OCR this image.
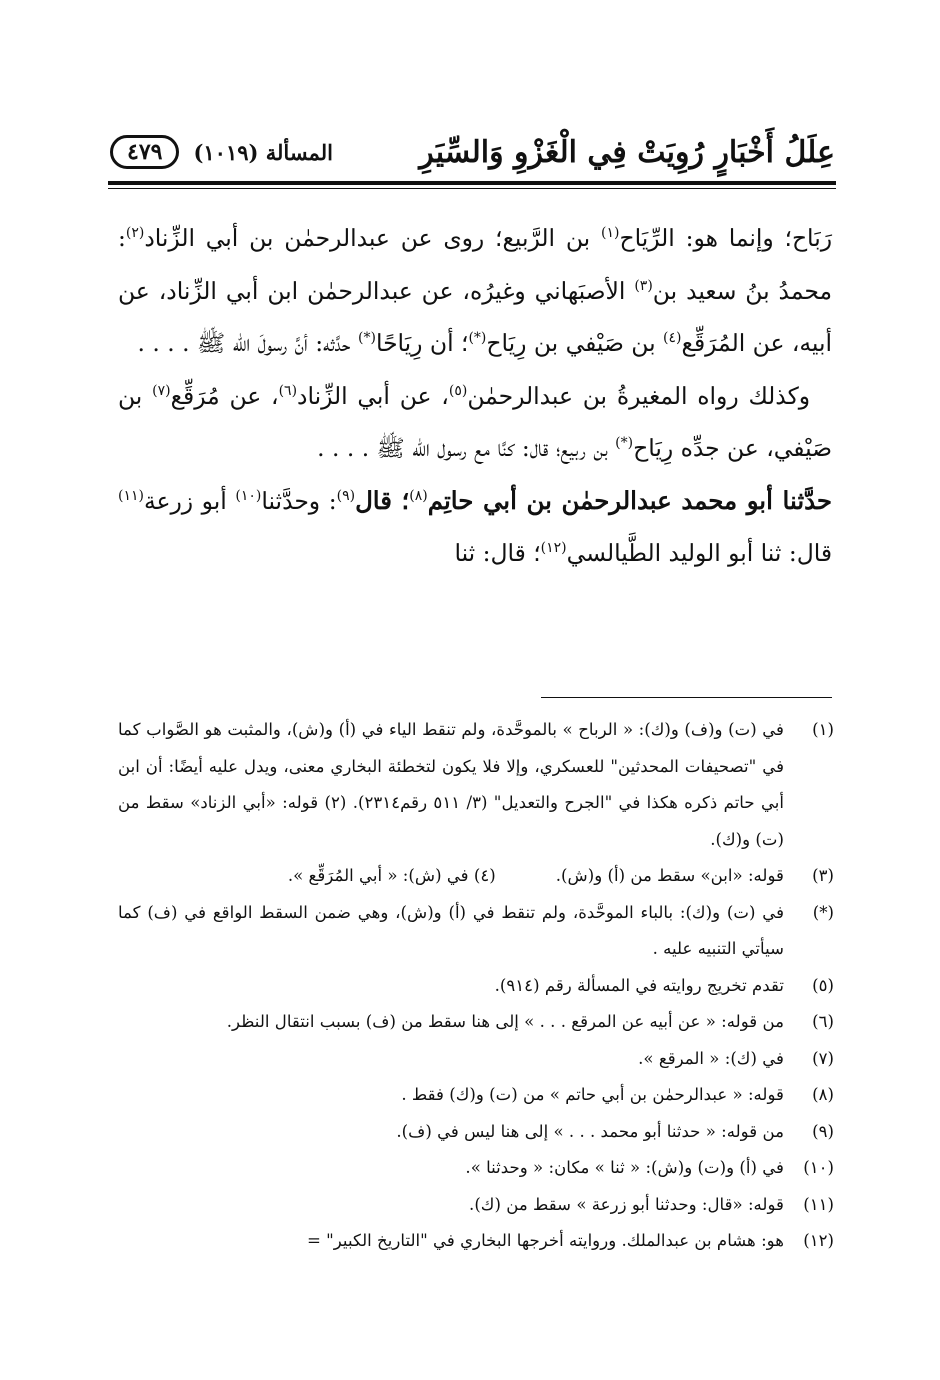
٤٧٩	المسألة (١٠١٩)	عِلَلُ أَخْبَارٍ رُوِيَتْ فِي الْغَزْوِ وَالسِّيَرِ

رَبَاح؛ وإنما هو: الرِّيَاح$^{(١)}$ بن الرَّبيع؛ روى عن عبدالرحمٰن بن أبي الزِّناد$^{(٢)}$: محمدُ بنُ سعيد بن$^{(٣)}$ الأصبَهاني وغيرُه، عن عبدالرحمٰن ابن أبي الزِّناد، عن أبيه، عن المُرَقِّع$^{(٤)}$ بن صَيْفي بن رِيَاح(*)؛ أن رِيَاحًا(*) حدَّثه: أنَّ رسولَ الله ﷺ . . . .

وكذلك رواه المغيرةُ بن عبدالرحمٰن$^{(٥)}$، عن أبي الزِّناد$^{(٦)}$، عن مُرَقِّع$^{(٧)}$ بن صَيْفي، عن جدِّه رِيَاح(*) بن ربيع؛ قال: كنَّا مع رسول الله ﷺ . . . .

حدَّثنا أبو محمد عبدالرحمٰن بن أبي حاتِم$^{(٨)}$؛ قال$^{(٩)}$: وحدَّثنا$^{(١٠)}$ أبو زرعة$^{(١١)}$ قال: ثنا أبو الوليد الطَّيالسي$^{(١٢)}$؛ قال: ثنا

(١)
في (ت) و(ف) و(ك): « الرباح » بالموحَّدة، ولم تنقط الياء في (أ) و(ش)، والمثبت هو الصَّواب كما في "تصحيفات المحدثين" للعسكري، وإلا فلا يكون لتخطئة البخاري معنى، ويدل عليه أيضًا: أن ابن أبي حاتم ذكره هكذا في "الجرح والتعديل" (٣/ ٥١١ رقم٢٣١٤). (٢) قوله: «أبي الزناد» سقط من (ت) و(ك).
(٣)
قوله: «ابن» سقط من (أ) و(ش).
(٤) في (ش): « أبي المُرَقِّع ».
(*)
في (ت) و(ك): بالباء الموحَّدة، ولم تنقط في (أ) و(ش)، وهي ضمن السقط الواقع في (ف) كما سيأتي التنبيه عليه .
(٥)
تقدم تخريج روايته في المسألة رقم (٩١٤).
(٦)
من قوله: « عن أبيه عن المرقع . . . » إلى هنا سقط من (ف) بسبب انتقال النظر.
(٧)
في (ك): « المرقع ».
(٨)
قوله: « عبدالرحمٰن بن أبي حاتم » من (ت) و(ك) فقط .
(٩)
من قوله: « حدثنا أبو محمد . . . » إلى هنا ليس في (ف).
(١٠)
في (أ) و(ت) و(ش): « ثنا » مكان: « وحدثنا ».
(١١)
قوله: «قال: وحدثنا أبو زرعة » سقط من (ك).
(١٢)
هو: هشام بن عبدالملك. وروايته أخرجها البخاري في "التاريخ الكبير" =
